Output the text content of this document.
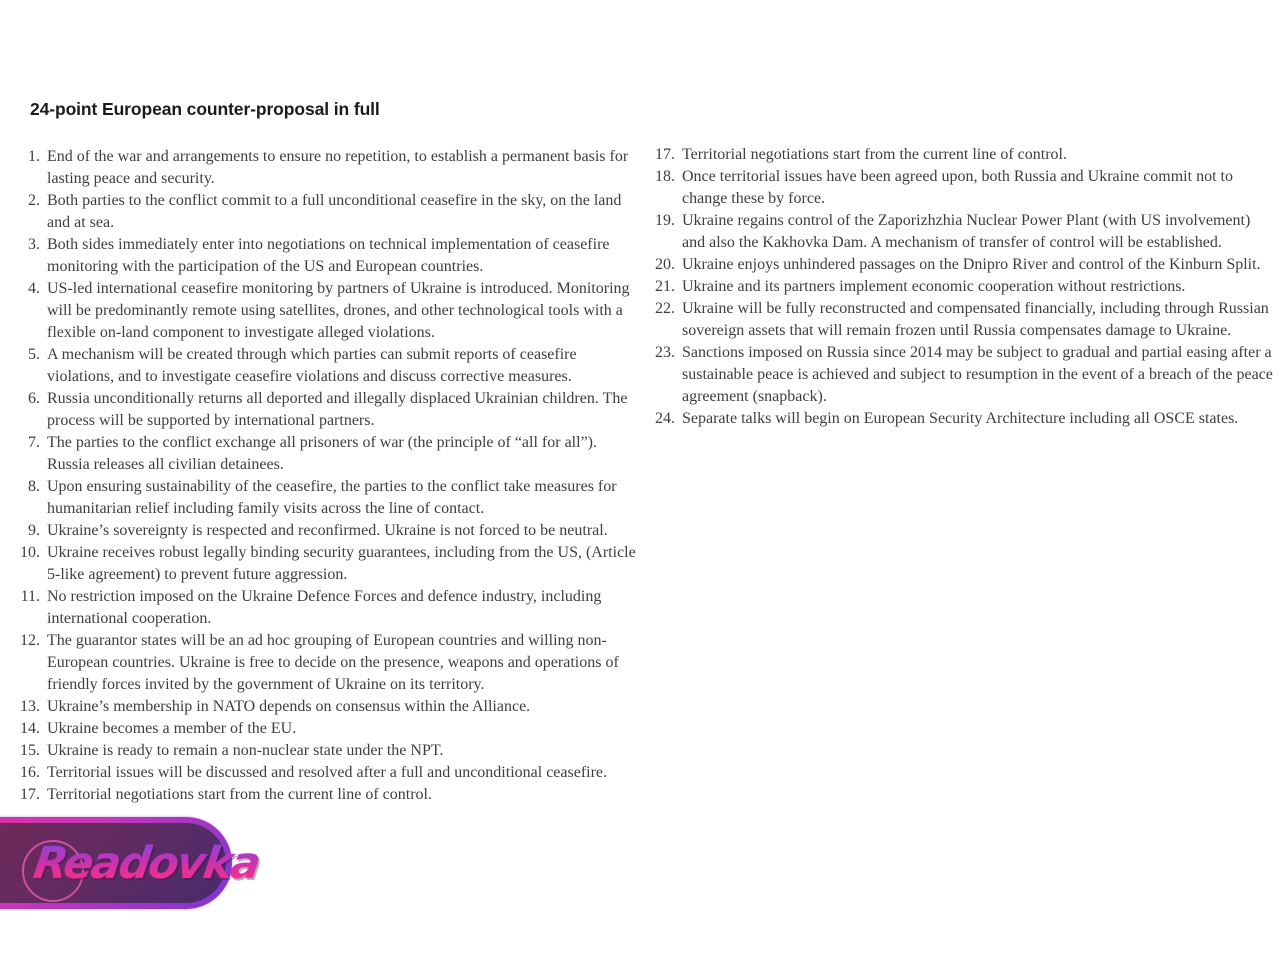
24-point European counter-proposal in full
1. End of the war and arrangements to ensure no repetition, to establish a permanent basis for lasting peace and security.
2. Both parties to the conflict commit to a full unconditional ceasefire in the sky, on the land and at sea.
3. Both sides immediately enter into negotiations on technical implementation of ceasefire monitoring with the participation of the US and European countries.
4. US-led international ceasefire monitoring by partners of Ukraine is introduced. Monitoring will be predominantly remote using satellites, drones, and other technological tools with a flexible on-land component to investigate alleged violations.
5. A mechanism will be created through which parties can submit reports of ceasefire violations, and to investigate ceasefire violations and discuss corrective measures.
6. Russia unconditionally returns all deported and illegally displaced Ukrainian children. The process will be supported by international partners.
7. The parties to the conflict exchange all prisoners of war (the principle of “all for all”). Russia releases all civilian detainees.
8. Upon ensuring sustainability of the ceasefire, the parties to the conflict take measures for humanitarian relief including family visits across the line of contact.
9. Ukraine’s sovereignty is respected and reconfirmed. Ukraine is not forced to be neutral.
10. Ukraine receives robust legally binding security guarantees, including from the US, (Article 5-like agreement) to prevent future aggression.
11. No restriction imposed on the Ukraine Defence Forces and defence industry, including international cooperation.
12. The guarantor states will be an ad hoc grouping of European countries and willing non-European countries. Ukraine is free to decide on the presence, weapons and operations of friendly forces invited by the government of Ukraine on its territory.
13. Ukraine’s membership in NATO depends on consensus within the Alliance.
14. Ukraine becomes a member of the EU.
15. Ukraine is ready to remain a non-nuclear state under the NPT.
16. Territorial issues will be discussed and resolved after a full and unconditional ceasefire.
17. Territorial negotiations start from the current line of control.
17. Territorial negotiations start from the current line of control.
18. Once territorial issues have been agreed upon, both Russia and Ukraine commit not to change these by force.
19. Ukraine regains control of the Zaporizhzhia Nuclear Power Plant (with US involvement) and also the Kakhovka Dam. A mechanism of transfer of control will be established.
20. Ukraine enjoys unhindered passages on the Dnipro River and control of the Kinburn Split.
21. Ukraine and its partners implement economic cooperation without restrictions.
22. Ukraine will be fully reconstructed and compensated financially, including through Russian sovereign assets that will remain frozen until Russia compensates damage to Ukraine.
23. Sanctions imposed on Russia since 2014 may be subject to gradual and partial easing after a sustainable peace is achieved and subject to resumption in the event of a breach of the peace agreement (snapback).
24. Separate talks will begin on European Security Architecture including all OSCE states.
Readovka
